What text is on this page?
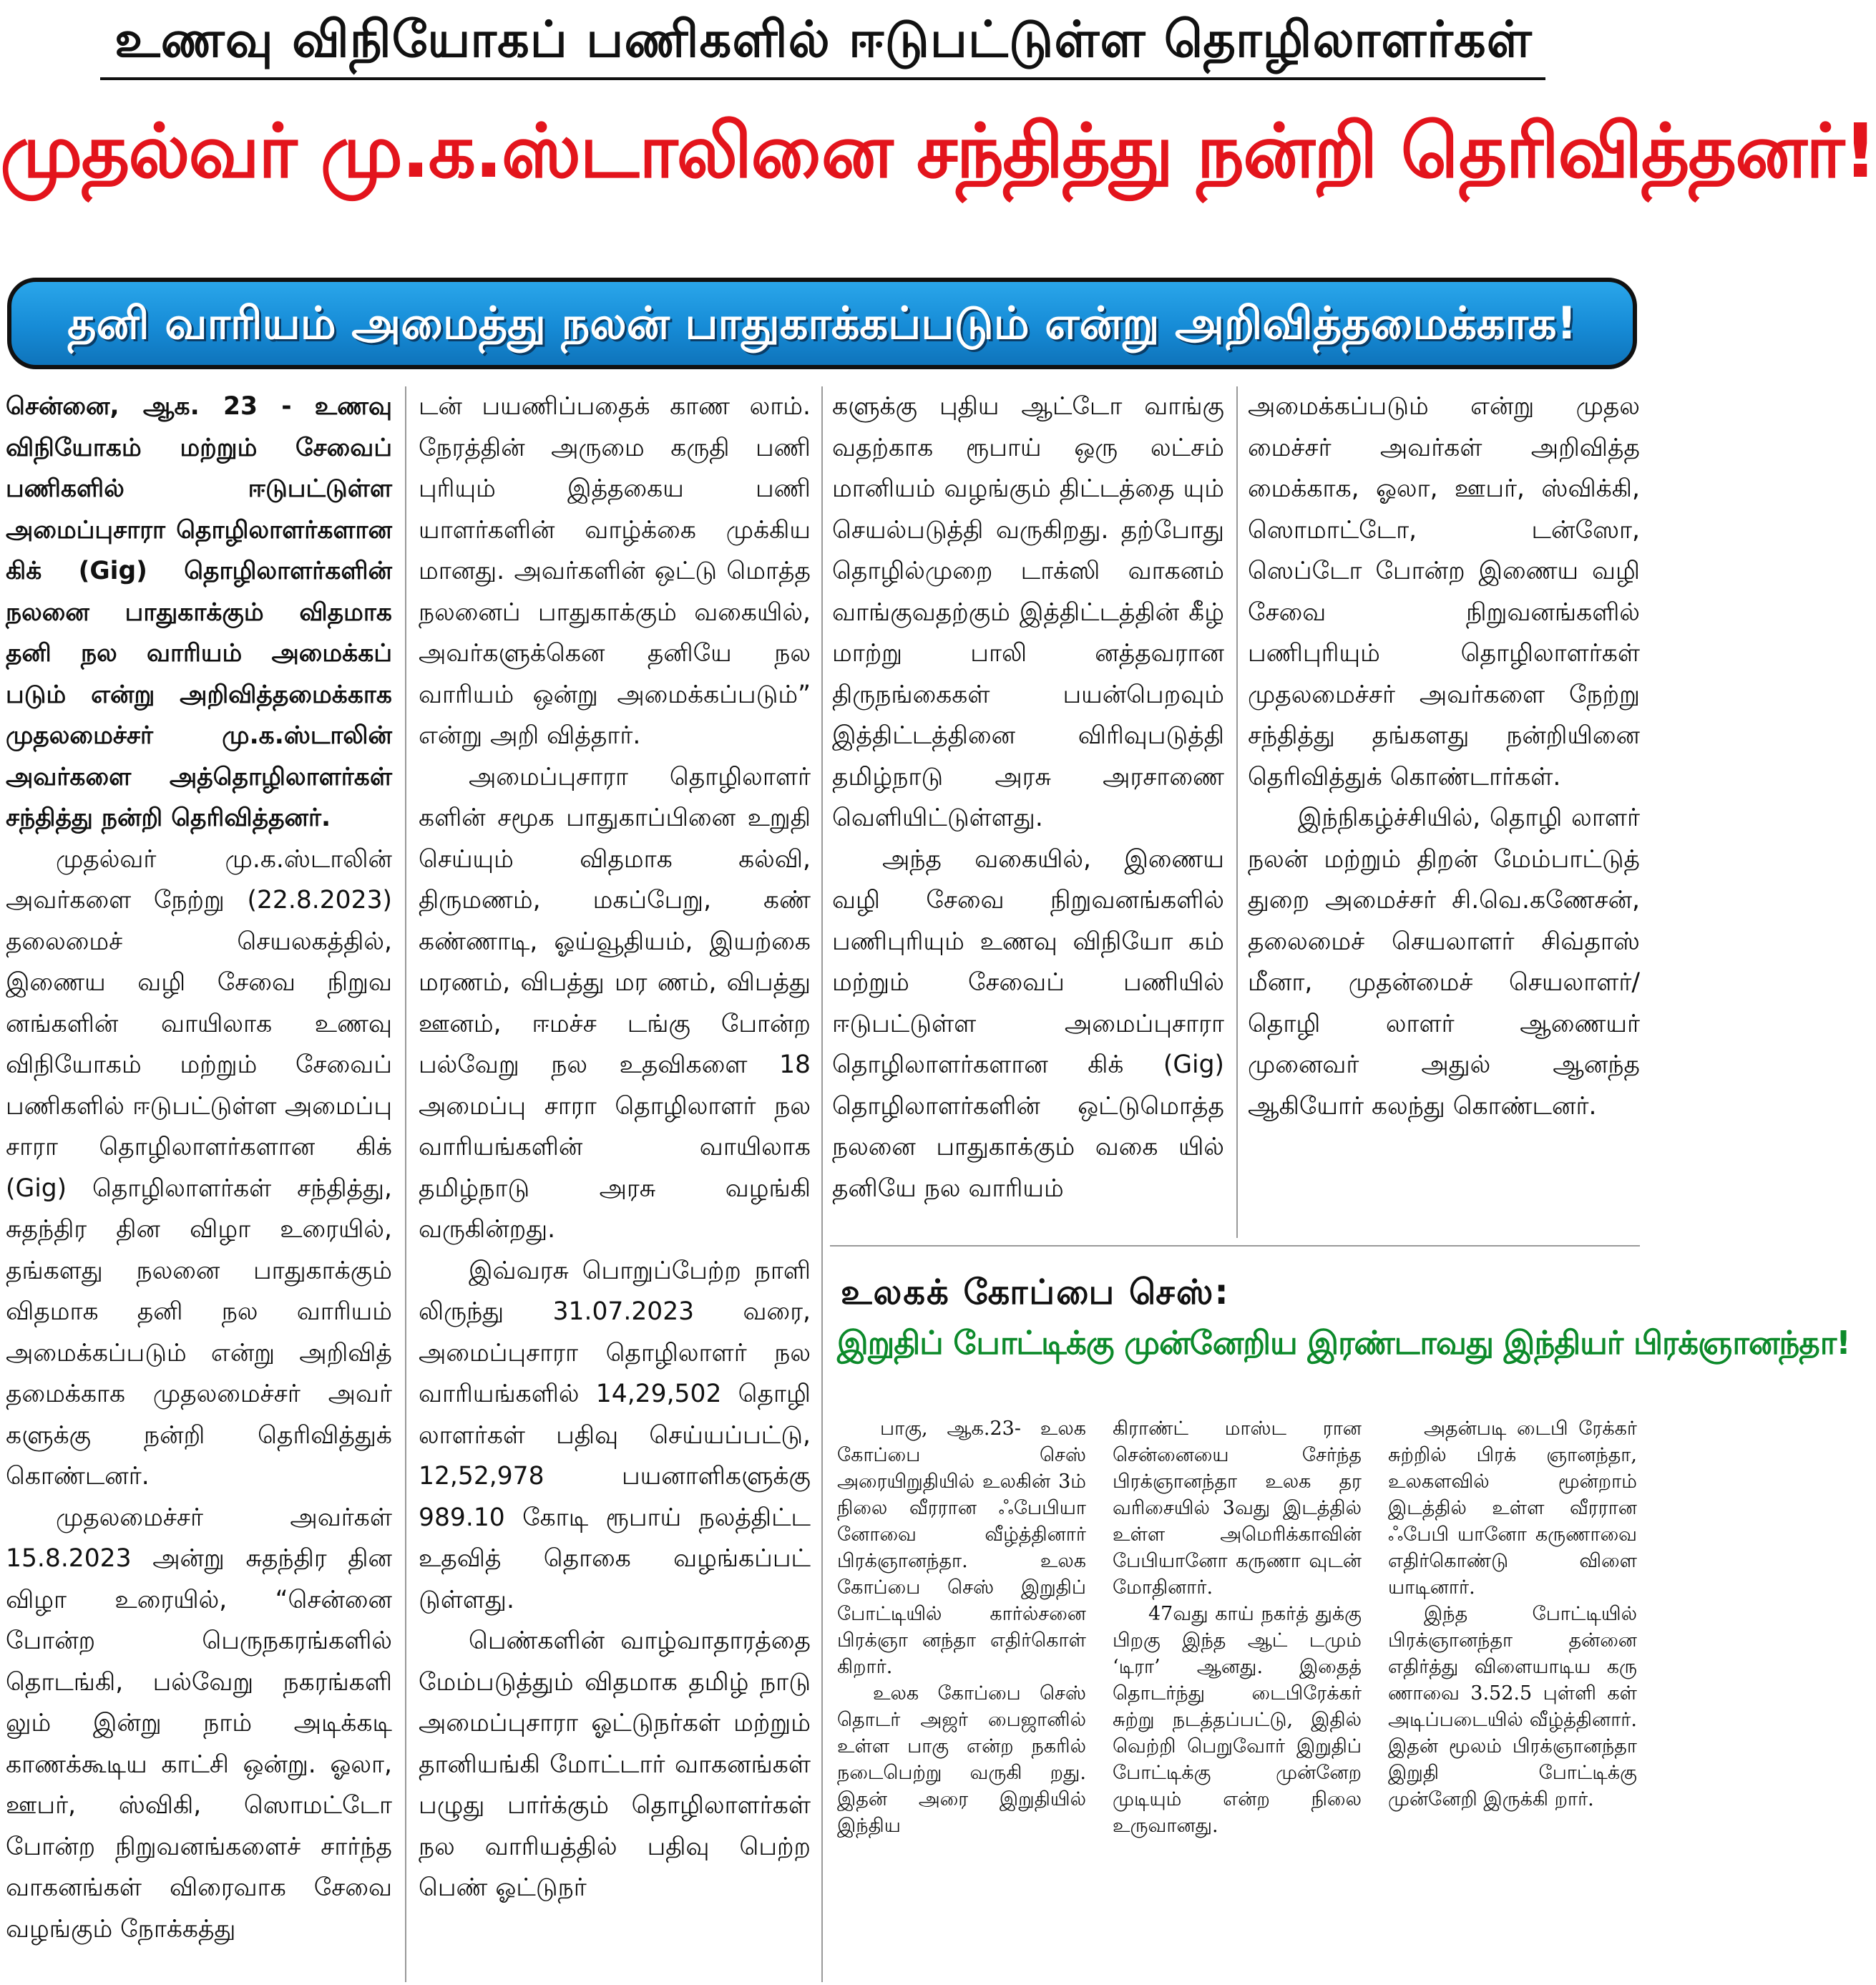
உணவு விநியோகப் பணிகளில் ஈடுபட்டுள்ள தொழிலாளர்கள்
முதல்வர் மு.க.ஸ்டாலினை சந்தித்து நன்றி தெரிவித்தனர்!
தனி வாரியம் அமைத்து நலன் பாதுகாக்கப்படும் என்று அறிவித்தமைக்காக!

சென்னை, ஆக. 23 - உணவு விநியோகம் மற்றும் சேவைப் பணிகளில் ஈடுபட்டுள்ள அமைப்புசாரா தொழிலாளர்களான கிக் (Gig) தொழிலாளர்களின் நலனை பாதுகாக்கும் விதமாக தனி நல வாரியம் அமைக்கப் படும் என்று அறிவித்தமைக்காக முதலமைச்சர் மு.க.ஸ்டாலின் அவர்களை அத்தொழிலாளர்கள் சந்தித்து நன்றி தெரிவித்தனர்.

முதல்வர் மு.க.ஸ்டாலின் அவர்களை நேற்று (22.8.2023) தலைமைச் செயலகத்தில், இணைய வழி சேவை நிறுவ னங்களின் வாயிலாக உணவு விநியோகம் மற்றும் சேவைப் பணிகளில் ஈடுபட்டுள்ள அமைப்பு சாரா தொழிலாளர்களான கிக் (Gig) தொழிலாளர்கள் சந்தித்து, சுதந்திர தின விழா உரையில், தங்களது நலனை பாதுகாக்கும் விதமாக தனி நல வாரியம் அமைக்கப்படும் என்று அறிவித் தமைக்காக முதலமைச்சர் அவர் களுக்கு நன்றி தெரிவித்துக் கொண்டனர்.

முதலமைச்சர் அவர்கள் 15.8.2023 அன்று சுதந்திர தின விழா உரையில், “சென்னை போன்ற பெருநகரங்களில் தொடங்கி, பல்வேறு நகரங்களி லும் இன்று நாம் அடிக்கடி காணக்கூடிய காட்சி ஒன்று. ஓலா, ஊபர், ஸ்விகி, ஸொமட்டோ போன்ற நிறுவனங்களைச் சார்ந்த வாகனங்கள் விரைவாக சேவை வழங்கும் நோக்கத்து

டன் பயணிப்பதைக் காண லாம். நேரத்தின் அருமை கருதி பணி புரியும் இத்தகைய பணி யாளர்களின் வாழ்க்கை முக்கிய மானது. அவர்களின் ஒட்டு மொத்த நலனைப் பாதுகாக்கும் வகையில், அவர்களுக்கென தனியே நல வாரியம் ஒன்று அமைக்கப்படும்” என்று அறி வித்தார்.

அமைப்புசாரா தொழிலாளர் களின் சமூக பாதுகாப்பினை உறுதி செய்யும் விதமாக கல்வி, திருமணம், மகப்பேறு, கண் கண்ணாடி, ஓய்வூதியம், இயற்கை மரணம், விபத்து மர ணம், விபத்து ஊனம், ஈமச்ச டங்கு போன்ற பல்வேறு நல உதவிகளை 18 அமைப்பு சாரா தொழிலாளர் நல வாரியங்களின் வாயிலாக தமிழ்நாடு அரசு வழங்கி வருகின்றது.

இவ்வரசு பொறுப்பேற்ற நாளி லிருந்து 31.07.2023 வரை, அமைப்புசாரா தொழிலாளர் நல வாரியங்களில் 14,29,502 தொழி லாளர்கள் பதிவு செய்யப்பட்டு, 12,52,978 பயனாளிகளுக்கு 989.10 கோடி ரூபாய் நலத்திட்ட உதவித் தொகை வழங்கப்பட் டுள்ளது.

பெண்களின் வாழ்வாதாரத்தை மேம்படுத்தும் விதமாக தமிழ் நாடு அமைப்புசாரா ஓட்டுநர்கள் மற்றும் தானியங்கி மோட்டார் வாகனங்கள் பழுது பார்க்கும் தொழிலாளர்கள் நல வாரியத்தில் பதிவு பெற்ற பெண் ஓட்டுநர்

களுக்கு புதிய ஆட்டோ வாங்கு வதற்காக ரூபாய் ஒரு லட்சம் மானியம் வழங்கும் திட்டத்தை யும் செயல்படுத்தி வருகிறது. தற்போது தொழில்முறை டாக்ஸி வாகனம் வாங்குவதற்கும் இத்திட்டத்தின் கீழ் மாற்று பாலி னத்தவரான திருநங்கைகள் பயன்பெறவும் இத்திட்டத்தினை விரிவுபடுத்தி தமிழ்நாடு அரசு அரசாணை வெளியிட்டுள்ளது.

அந்த வகையில், இணைய வழி சேவை நிறுவனங்களில் பணிபுரியும் உணவு விநியோ கம் மற்றும் சேவைப் பணியில் ஈடுபட்டுள்ள அமைப்புசாரா தொழிலாளர்களான கிக் (Gig) தொழிலாளர்களின் ஒட்டுமொத்த நலனை பாதுகாக்கும் வகை யில் தனியே நல வாரியம்

அமைக்கப்படும் என்று முதல மைச்சர் அவர்கள் அறிவித்த மைக்காக, ஓலா, ஊபர், ஸ்விக்கி, ஸொமாட்டோ, டன்ஸோ, ஸெப்டோ போன்ற இணைய வழி சேவை நிறுவனங்களில் பணிபுரியும் தொழிலாளர்கள் முதலமைச்சர் அவர்களை நேற்று சந்தித்து தங்களது நன்றியினை தெரிவித்துக் கொண்டார்கள்.

இந்நிகழ்ச்சியில், தொழி லாளர் நலன் மற்றும் திறன் மேம்பாட்டுத் துறை அமைச்சர் சி.வெ.கணேசன், தலைமைச் செயலாளர் சிவ்தாஸ் மீனா, முதன்மைச் செயலாளர்/தொழி லாளர் ஆணையர் முனைவர் அதுல் ஆனந்த ஆகியோர் கலந்து கொண்டனர்.

உலகக் கோப்பை செஸ்:
இறுதிப் போட்டிக்கு முன்னேறிய இரண்டாவது இந்தியர் பிரக்ஞானந்தா!

பாகு, ஆக.23- உலக கோப்பை செஸ் அரையிறுதியில் உலகின் 3ம் நிலை வீரரான ஃபேபியா னோவை வீழ்த்தினார் பிரக்ஞானந்தா. உலக கோப்பை செஸ் இறுதிப் போட்டியில் கார்ல்சனை பிரக்ஞா னந்தா எதிர்கொள் கிறார்.

உலக கோப்பை செஸ் தொடர் அஜர் பைஜானில் உள்ள பாகு என்ற நகரில் நடைபெற்று வருகி றது. இதன் அரை இறுதியில் இந்திய

கிராண்ட் மாஸ்ட ரான சென்னையை சேர்ந்த பிரக்ஞானந்தா உலக தர வரிசையில் 3வது இடத்தில் உள்ள அமெரிக்காவின் பேபியானோ கருணா வுடன் மோதினார்.

47வது காய் நகர்த் துக்கு பிறகு இந்த ஆட் டமும் ‘டிரா’ ஆனது. இதைத் தொடர்ந்து டைபிரேக்கர் சுற்று நடத்தப்பட்டு, இதில் வெற்றி பெறுவோர் இறுதிப் போட்டிக்கு முன்னேற முடியும் என்ற நிலை உருவானது.

அதன்படி டைபி ரேக்கர் சுற்றில் பிரக் ஞானந்தா, உலகளவில் மூன்றாம் இடத்தில் உள்ள வீரரான ஃபேபி யானோ கருணாவை எதிர்கொண்டு விளை யாடினார்.

இந்த போட்டியில் பிரக்ஞானந்தா தன்னை எதிர்த்து விளையாடிய கரு ணாவை 3.52.5 புள்ளி கள் அடிப்படையில் வீழ்த்தினார். இதன் மூலம் பிரக்ஞானந்தா இறுதி போட்டிக்கு முன்னேறி இருக்கி றார்.
